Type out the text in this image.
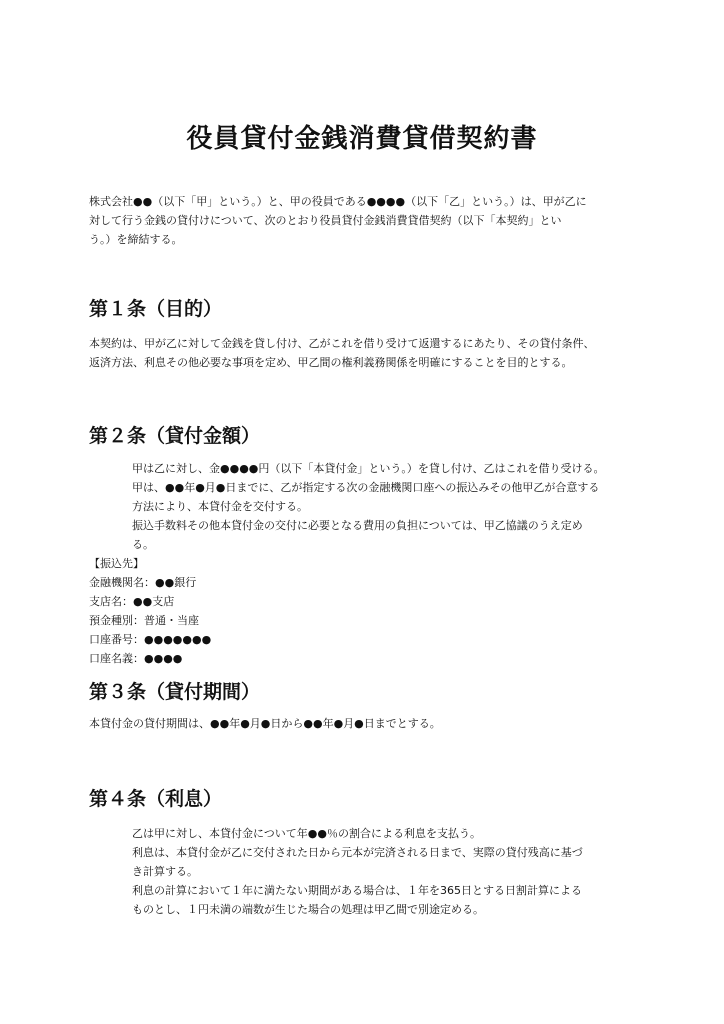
役員貸付金銭消費貸借契約書
株式会社●●（以下「甲」という。）と、甲の役員である●●●●（以下「乙」という。）は、甲が乙に
対して行う金銭の貸付けについて、次のとおり役員貸付金銭消費貸借契約（以下「本契約」とい
う。）を締結する。
第１条（目的）
本契約は、甲が乙に対して金銭を貸し付け、乙がこれを借り受けて返還するにあたり、その貸付条件、
返済方法、利息その他必要な事項を定め、甲乙間の権利義務関係を明確にすることを目的とする。
第２条（貸付金額）
甲は乙に対し、金●●●●円（以下「本貸付金」という。）を貸し付け、乙はこれを借り受ける。
甲は、●●年●月●日までに、乙が指定する次の金融機関口座への振込みその他甲乙が合意する
方法により、本貸付金を交付する。
振込手数料その他本貸付金の交付に必要となる費用の負担については、甲乙協議のうえ定め
る。
【振込先】
金融機関名：●●銀行
支店名：●●支店
預金種別：普通・当座
口座番号：●●●●●●●
口座名義：●●●●
第３条（貸付期間）
本貸付金の貸付期間は、●●年●月●日から●●年●月●日までとする。
第４条（利息）
乙は甲に対し、本貸付金について年●●％の割合による利息を支払う。
利息は、本貸付金が乙に交付された日から元本が完済される日まで、実際の貸付残高に基づ
き計算する。
利息の計算において１年に満たない期間がある場合は、１年を365日とする日割計算による
ものとし、１円未満の端数が生じた場合の処理は甲乙間で別途定める。
